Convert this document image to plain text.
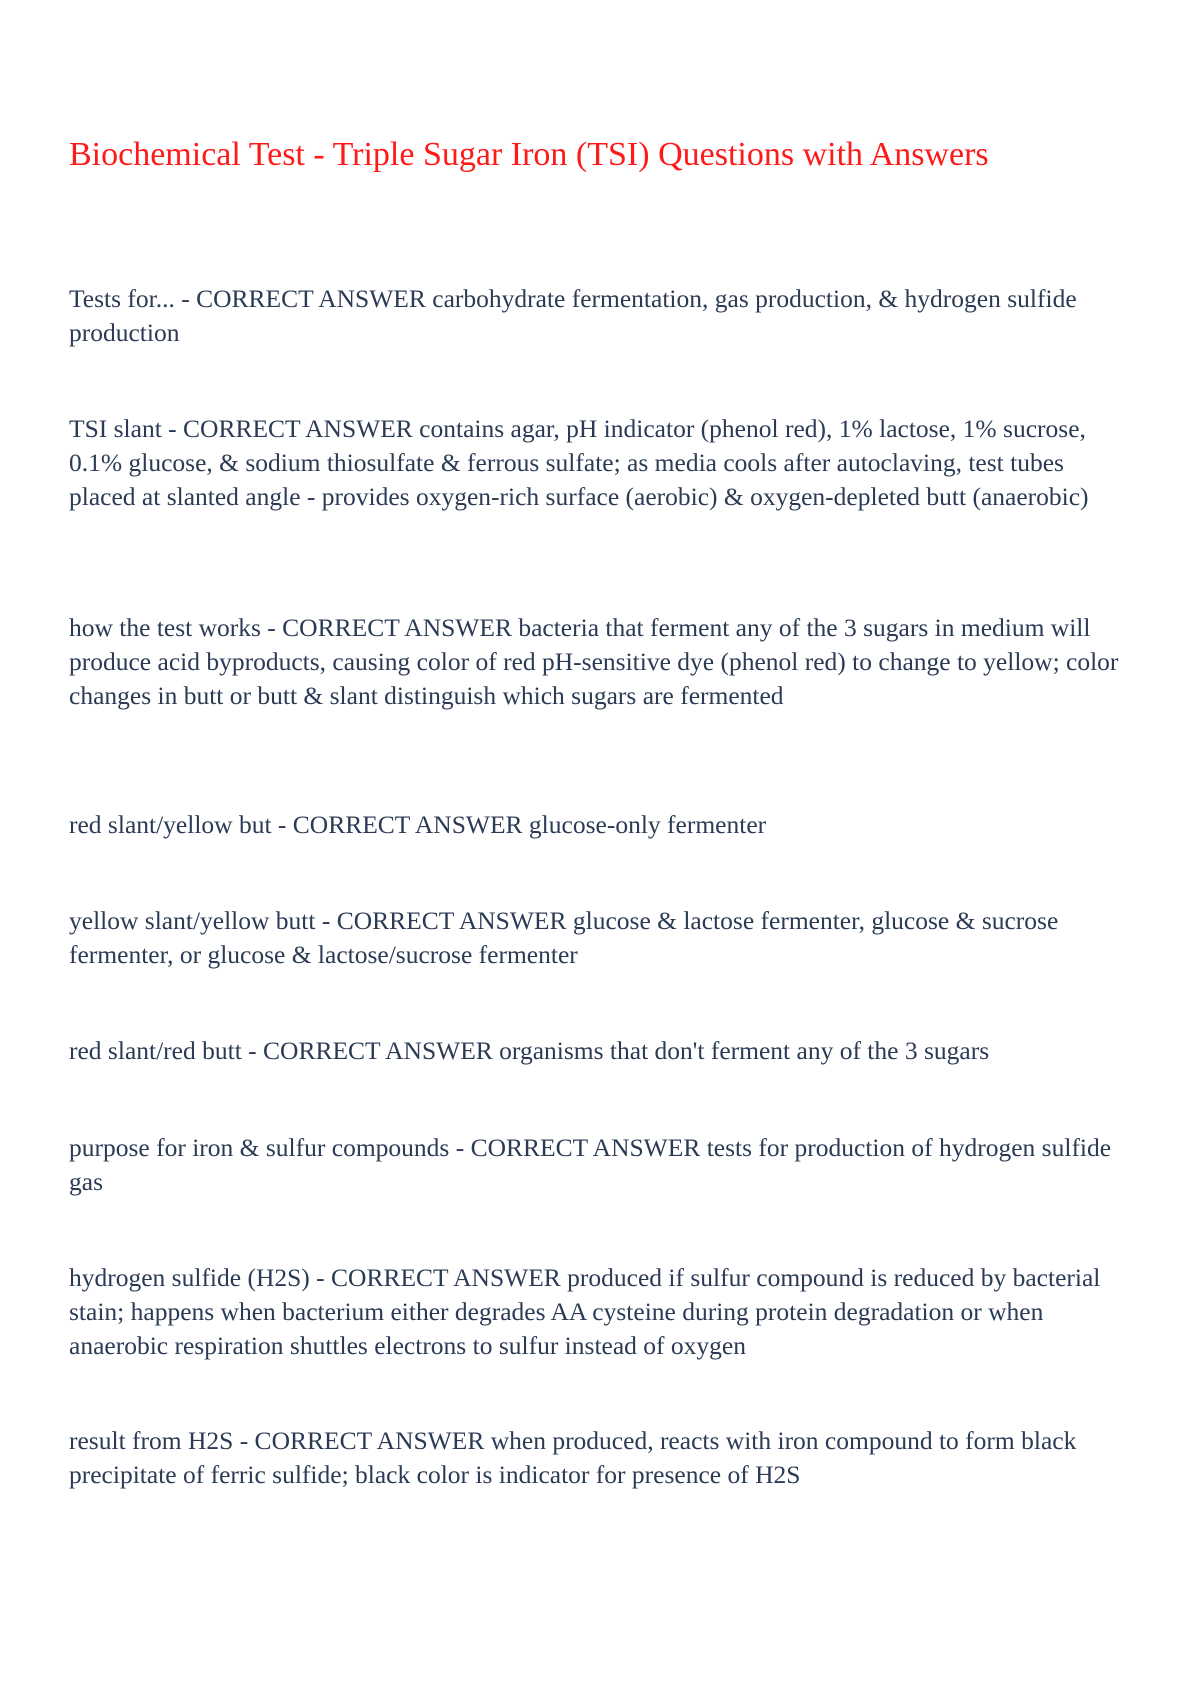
Biochemical Test - Triple Sugar Iron (TSI) Questions with Answers

Tests for... - CORRECT ANSWER carbohydrate fermentation, gas production, & hydrogen sulfide production

TSI slant - CORRECT ANSWER contains agar, pH indicator (phenol red), 1% lactose, 1% sucrose, 0.1% glucose, & sodium thiosulfate & ferrous sulfate; as media cools after autoclaving, test tubes placed at slanted angle - provides oxygen-rich surface (aerobic) & oxygen-depleted butt (anaerobic)

how the test works - CORRECT ANSWER bacteria that ferment any of the 3 sugars in medium will produce acid byproducts, causing color of red pH-sensitive dye (phenol red) to change to yellow; color changes in butt or butt & slant distinguish which sugars are fermented

red slant/yellow but - CORRECT ANSWER glucose-only fermenter

yellow slant/yellow butt - CORRECT ANSWER glucose & lactose fermenter, glucose & sucrose fermenter, or glucose & lactose/sucrose fermenter

red slant/red butt - CORRECT ANSWER organisms that don't ferment any of the 3 sugars

purpose for iron & sulfur compounds - CORRECT ANSWER tests for production of hydrogen sulfide gas

hydrogen sulfide (H2S) - CORRECT ANSWER produced if sulfur compound is reduced by bacterial stain; happens when bacterium either degrades AA cysteine during protein degradation or when anaerobic respiration shuttles electrons to sulfur instead of oxygen

result from H2S - CORRECT ANSWER when produced, reacts with iron compound to form black precipitate of ferric sulfide; black color is indicator for presence of H2S
